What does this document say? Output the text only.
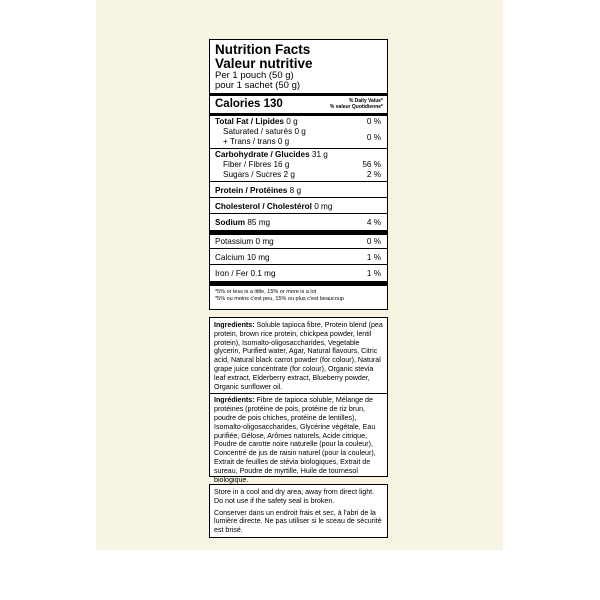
Nutrition Facts
Valeur nutritive
Per 1 pouch (50 g)
pour 1 sachet (50 g)
Calories 130	% Daily Value*
% valeur Quotidienne*
Total Fat / Lipides 0 g	0 %
Saturated / saturés 0 g
+ Trans / trans 0 g	0 %
Carbohydrate / Glucides 31 g
Fiber / Fibres 16 g	56 %
Sugars / Sucres 2 g	2 %
Protein / Protéines 8 g
Cholesterol / Cholestérol 0 mg
Sodium 85 mg	4 %
Potassium 0 mg	0 %
Calcium 10 mg	1 %
Iron / Fer 0.1 mg	1 %
*5% or less is a little, 15% or more is a lot
*5% ou moins c'est peu, 15% ou plus c'est beaucoup
Ingredients: Soluble tapioca fibre, Protein blend (pea protein, brown rice protein, chickpea powder, lentil protein), Isomalto-oligosaccharides, Vegetable glycerin, Purified water, Agar, Natural flavours, Citric acid, Natural black carrot powder (for colour), Natural grape juice concentrate (for colour), Organic stevia leaf extract, Elderberry extract, Blueberry powder, Organic sunflower oil.
Ingrédients: Fibre de tapioca soluble, Mélange de protéines (protéine de pois, protéine de riz brun, poudre de pois chiches, protéine de lentilles), Isomalto-oligosaccharides, Glycérine végétale, Eau purifiée, Gélose, Arômes naturels, Acide citrique, Poudre de carotte noire naturelle (pour la couleur), Concentré de jus de raisin naturel (pour la couleur), Extrait de feuilles de stévia biologiques, Extrait de sureau, Poudre de myrtille, Huile de tournesol biologique.
Store in a cool and dry area, away from direct light. Do not use if the safety seal is broken.
Conserver dans un endroit frais et sec, à l'abri de la lumière directe. Ne pas utiliser si le sceau de sécurité est brisé.
